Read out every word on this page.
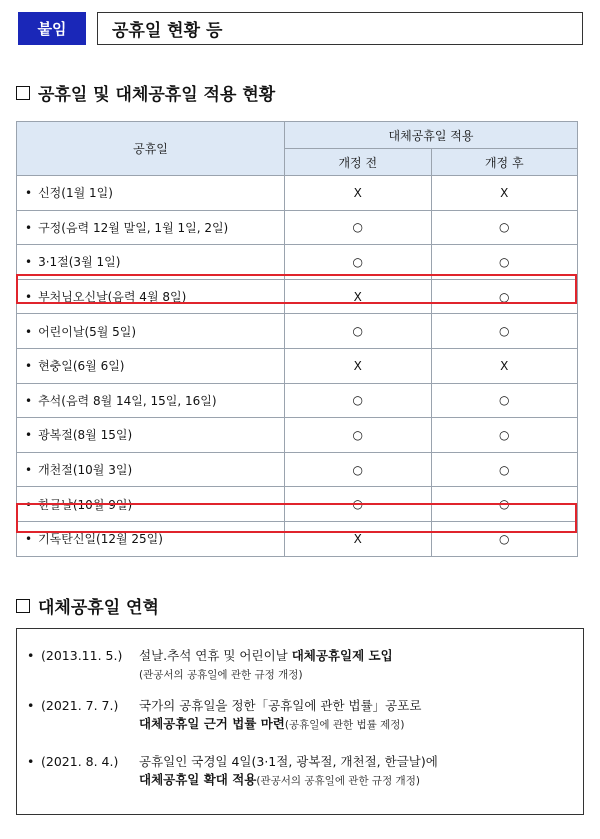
붙임	공휴일 현황 등
공휴일 및 대체공휴일 적용 현황
공휴일	대체공휴일 적용	
	개정 전	개정 후
• 신정(1월 1일)	X	X
• 구정(음력 12월 말일, 1월 1일, 2일)	○	○
• 3·1절(3월 1일)	○	○
• 부처님오신날(음력 4월 8일)	X	○
• 어린이날(5월 5일)	○	○
• 현충일(6월 6일)	X	X
• 추석(음력 8월 14일, 15일, 16일)	○	○
• 광복절(8월 15일)	○	○
• 개천절(10월 3일)	○	○
• 한글날(10월 9일)	○	○
• 기독탄신일(12월 25일)	X	○
대체공휴일 연혁
• (2013.11. 5.) 설날.추석 연휴 및 어린이날 대체공휴일제 도입
(관공서의 공휴일에 관한 규정 개정)
• (2021. 7. 7.) 국가의 공휴일을 정한「공휴일에 관한 법률」공포로
대체공휴일 근거 법률 마련(공휴일에 관한 법률 제정)
• (2021. 8. 4.) 공휴일인 국경일 4일(3·1절, 광복절, 개천절, 한글날)에
대체공휴일 확대 적용(관공서의 공휴일에 관한 규정 개정)
